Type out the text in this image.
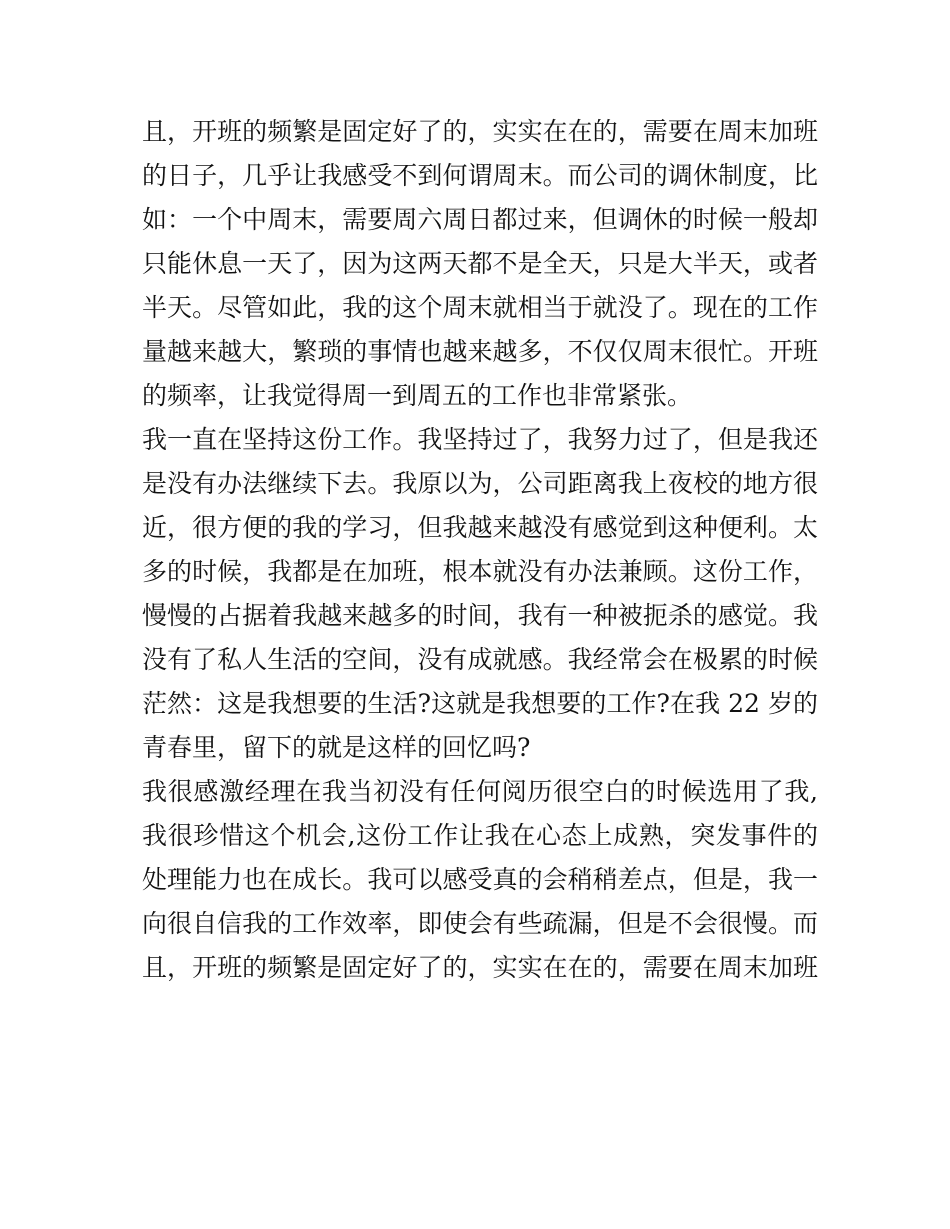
且，开班的频繁是固定好了的，实实在在的，需要在周末加班
的日子，几乎让我感受不到何谓周末。而公司的调休制度，比
如：一个中周末，需要周六周日都过来，但调休的时候一般却
只能休息一天了，因为这两天都不是全天，只是大半天，或者
半天。尽管如此，我的这个周末就相当于就没了。现在的工作
量越来越大，繁琐的事情也越来越多，不仅仅周末很忙。开班
的频率，让我觉得周一到周五的工作也非常紧张。
我一直在坚持这份工作。我坚持过了，我努力过了，但是我还
是没有办法继续下去。我原以为，公司距离我上夜校的地方很
近，很方便的我的学习，但我越来越没有感觉到这种便利。太
多的时候，我都是在加班，根本就没有办法兼顾。这份工作，
慢慢的占据着我越来越多的时间，我有一种被扼杀的感觉。我
没有了私人生活的空间，没有成就感。我经常会在极累的时候
茫然：这是我想要的生活?这就是我想要的工作?在我 22 岁的
青春里，留下的就是这样的回忆吗?
我很感激经理在我当初没有任何阅历很空白的时候选用了我,
我很珍惜这个机会,这份工作让我在心态上成熟，突发事件的
处理能力也在成长。我可以感受真的会稍稍差点，但是，我一
向很自信我的工作效率，即使会有些疏漏，但是不会很慢。而
且，开班的频繁是固定好了的，实实在在的，需要在周末加班
